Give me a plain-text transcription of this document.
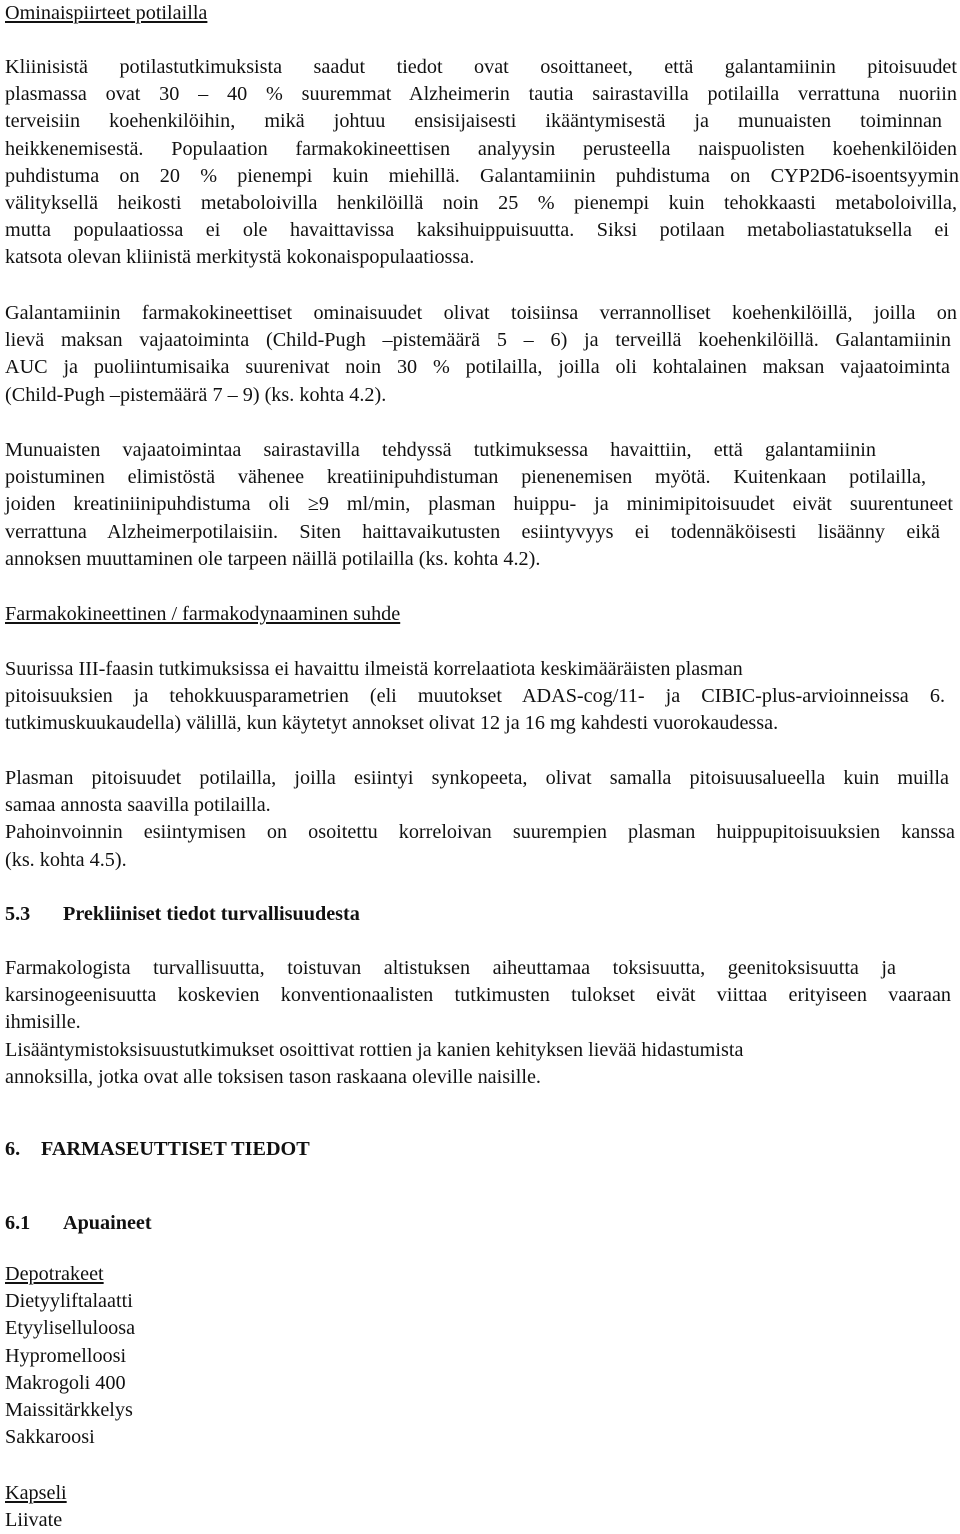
Ominaispiirteet potilailla
Kliinisistä potilastutkimuksista saadut tiedot ovat osoittaneet, että galantamiinin pitoisuudet
plasmassa ovat 30 – 40 % suuremmat Alzheimerin tautia sairastavilla potilailla verrattuna nuoriin
terveisiin koehenkilöihin, mikä johtuu ensisijaisesti ikääntymisestä ja munuaisten toiminnan
heikkenemisestä. Populaation farmakokineettisen analyysin perusteella naispuolisten koehenkilöiden
puhdistuma on 20 % pienempi kuin miehillä. Galantamiinin puhdistuma on CYP2D6-isoentsyymin
välityksellä heikosti metaboloivilla henkilöillä noin 25 % pienempi kuin tehokkaasti metaboloivilla,
mutta populaatiossa ei ole havaittavissa kaksihuippuisuutta. Siksi potilaan metaboliastatuksella ei
katsota olevan kliinistä merkitystä kokonaispopulaatiossa.
Galantamiinin farmakokineettiset ominaisuudet olivat toisiinsa verrannolliset koehenkilöillä, joilla on
lievä maksan vajaatoiminta (Child-Pugh –pistemäärä 5 – 6) ja terveillä koehenkilöillä. Galantamiinin
AUC ja puoliintumisaika suurenivat noin 30 % potilailla, joilla oli kohtalainen maksan vajaatoiminta
(Child-Pugh –pistemäärä 7 – 9) (ks. kohta 4.2).
Munuaisten vajaatoimintaa sairastavilla tehdyssä tutkimuksessa havaittiin, että galantamiinin
poistuminen elimistöstä vähenee kreatiinipuhdistuman pienenemisen myötä. Kuitenkaan potilailla,
joiden kreatiniinipuhdistuma oli ≥9 ml/min, plasman huippu- ja minimipitoisuudet eivät suurentuneet
verrattuna Alzheimerpotilaisiin. Siten haittavaikutusten esiintyvyys ei todennäköisesti lisäänny eikä
annoksen muuttaminen ole tarpeen näillä potilailla (ks. kohta 4.2).
Farmakokineettinen / farmakodynaaminen suhde
Suurissa III-faasin tutkimuksissa ei havaittu ilmeistä korrelaatiota keskimääräisten plasman
pitoisuuksien ja tehokkuusparametrien (eli muutokset ADAS-cog/11- ja CIBIC-plus-arvioinneissa 6.
tutkimuskuukaudella) välillä, kun käytetyt annokset olivat 12 ja 16 mg kahdesti vuorokaudessa.
Plasman pitoisuudet potilailla, joilla esiintyi synkopeeta, olivat samalla pitoisuusalueella kuin muilla
samaa annosta saavilla potilailla.
Pahoinvoinnin esiintymisen on osoitettu korreloivan suurempien plasman huippupitoisuuksien kanssa
(ks. kohta 4.5).
5.3 Prekliiniset tiedot turvallisuudesta
Farmakologista turvallisuutta, toistuvan altistuksen aiheuttamaa toksisuutta, geenitoksisuutta ja
karsinogeenisuutta koskevien konventionaalisten tutkimusten tulokset eivät viittaa erityiseen vaaraan
ihmisille.
Lisääntymistoksisuustutkimukset osoittivat rottien ja kanien kehityksen lievää hidastumista
annoksilla, jotka ovat alle toksisen tason raskaana oleville naisille.
6. FARMASEUTTISET TIEDOT
6.1 Apuaineet
Depotrakeet
Dietyyliftalaatti
Etyyliselluloosa
Hypromelloosi
Makrogoli 400
Maissitärkkelys
Sakkaroosi
Kapseli
Liivate
